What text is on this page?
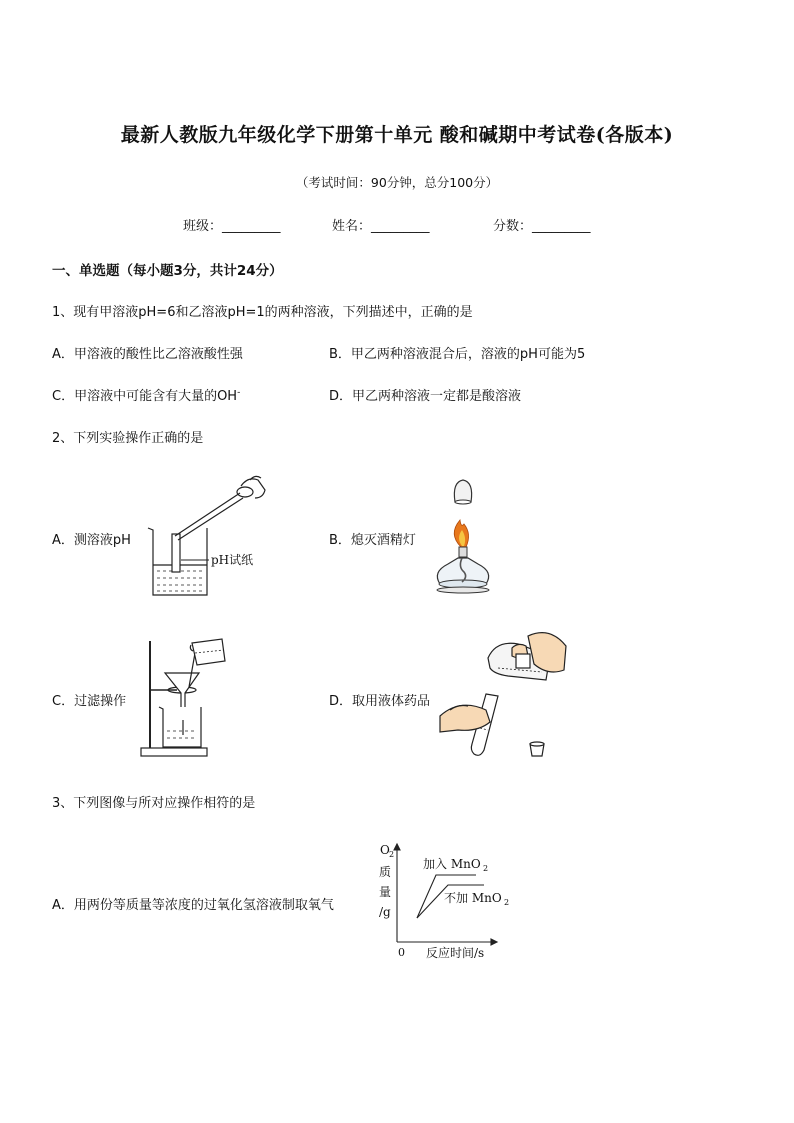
最新人教版九年级化学下册第十单元 酸和碱期中考试卷(各版本)
（考试时间：90分钟，总分100分）
班级：_________	姓名：_________	分数：_________
一、单选题（每小题3分，共计24分）
1、现有甲溶液pH=6和乙溶液pH=1的两种溶液，下列描述中，正确的是
A．甲溶液的酸性比乙溶液酸性强	B．甲乙两种溶液混合后，溶液的pH可能为5
C．甲溶液中可能含有大量的OH-	D．甲乙两种溶液一定都是酸溶液
2、下列实验操作正确的是
A．测溶液pH	B．熄灭酒精灯
C．过滤操作	D．取用液体药品
pH试纸
3、下列图像与所对应操作相符的是
A．用两份等质量等浓度的过氧化氢溶液制取氧气
O 2
质
量
/g
0 反应时间/s
加入 MnO 2
不加 MnO 2
